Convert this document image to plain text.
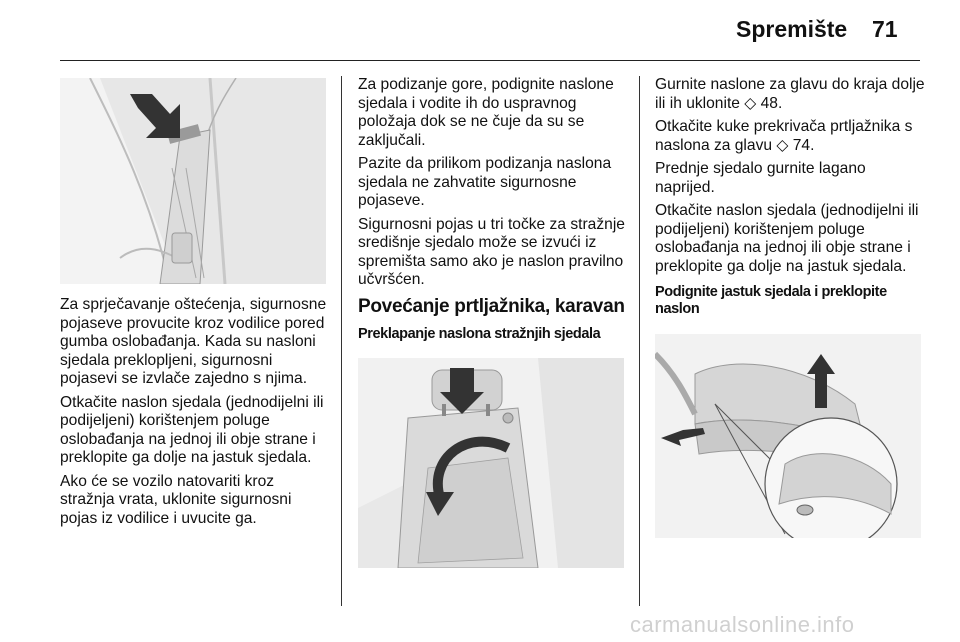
Spremište 71

Za sprječavanje oštećenja, sigurnosne pojaseve provucite kroz vodilice pored gumba oslobađanja. Kada su nasloni sjedala preklopljeni, sigurnosni pojasevi se izvlače zajedno s njima.

Otkačite naslon sjedala (jednodijelni ili podijeljeni) korištenjem poluge oslobađanja na jednoj ili obje strane i preklopite ga dolje na jastuk sjedala.

Ako će se vozilo natovariti kroz stražnja vrata, uklonite sigurnosni pojas iz vodilice i uvucite ga.

Za podizanje gore, podignite naslone sjedala i vodite ih do uspravnog položaja dok se ne čuje da su se zaključali.

Pazite da prilikom podizanja naslona sjedala ne zahvatite sigurnosne pojaseve.

Sigurnosni pojas u tri točke za stražnje središnje sjedalo može se izvući iz spremišta samo ako je naslon pravilno učvršćen.

Povećanje prtljažnika, karavan
Preklapanje naslona stražnjih sjedala

Gurnite naslone za glavu do kraja dolje ili ih uklonite ◇ 48.

Otkačite kuke prekrivača prtljažnika s naslona za glavu ◇ 74.

Prednje sjedalo gurnite lagano naprijed.

Otkačite naslon sjedala (jednodijelni ili podijeljeni) korištenjem poluge oslobađanja na jednoj ili obje strane i preklopite ga dolje na jastuk sjedala.

Podignite jastuk sjedala i preklopite naslon
carmanualsonline.info
